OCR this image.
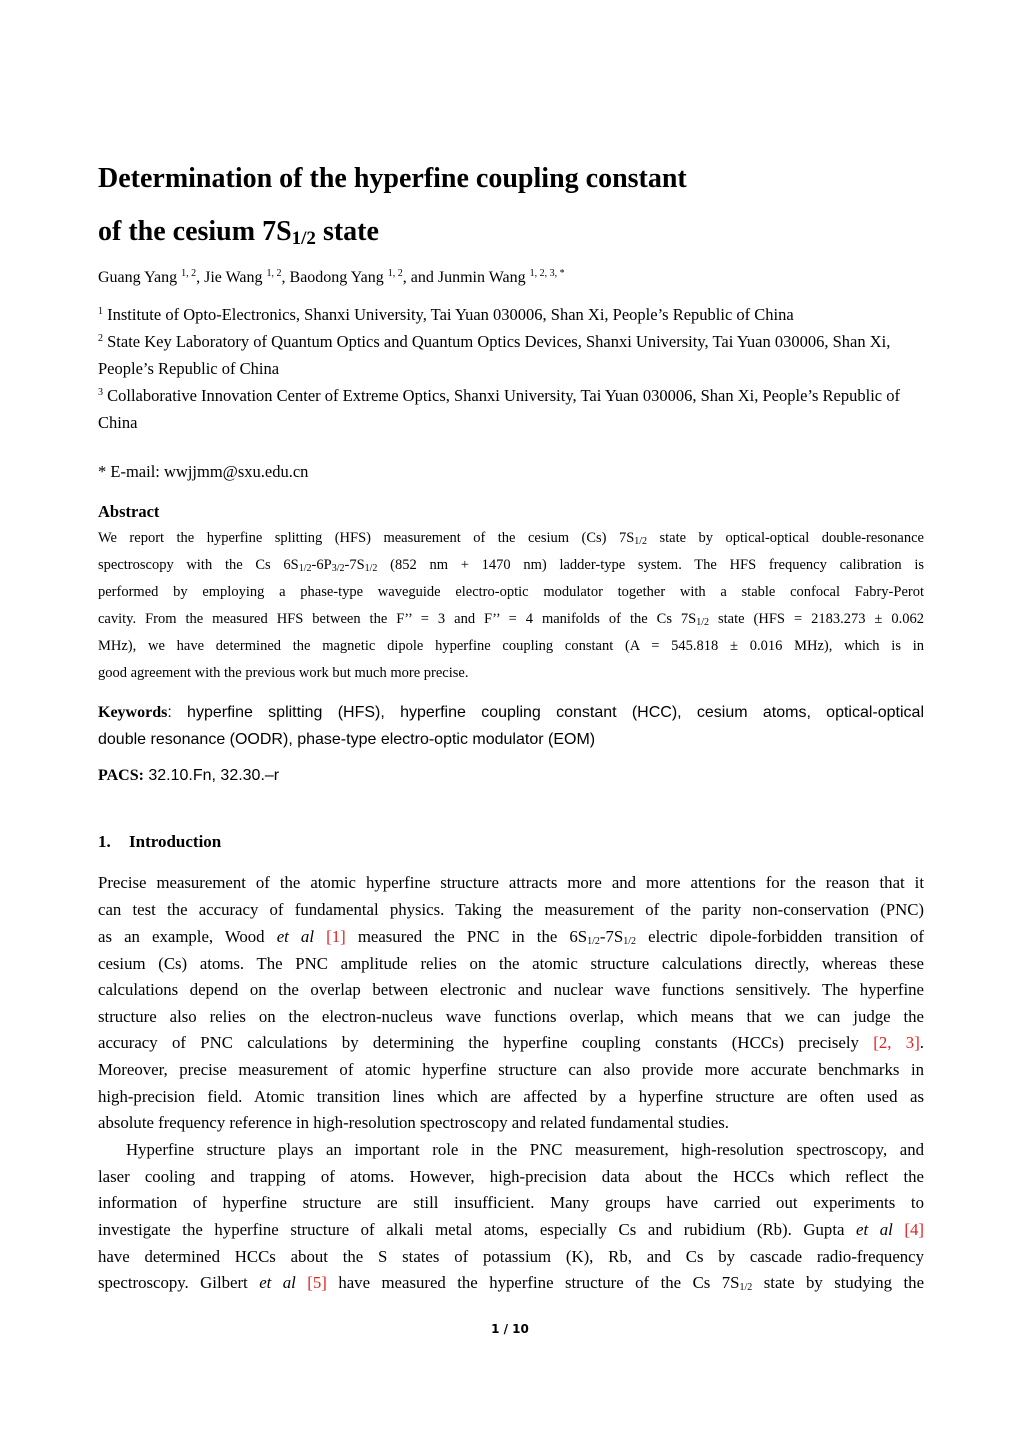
Determination of the hyperfine coupling constant
of the cesium $7S_{1/2}$ state
Guang Yang $^{1, 2}$, Jie Wang $^{1, 2}$, Baodong Yang $^{1, 2}$, and Junmin Wang $^{1, 2, 3, *}$
$^1$ Institute of Opto-Electronics, Shanxi University, Tai Yuan 030006, Shan Xi, People’s Republic of China
$^2$ State Key Laboratory of Quantum Optics and Quantum Optics Devices, Shanxi University, Tai Yuan 030006, Shan Xi, People’s Republic of China
$^3$ Collaborative Innovation Center of Extreme Optics, Shanxi University, Tai Yuan 030006, Shan Xi, People’s Republic of China
* E-mail: wwjjmm@sxu.edu.cn
Abstract
We report the hyperfine splitting (HFS) measurement of the cesium (Cs) $7S_{1/2}$ state by optical-optical double-resonance
spectroscopy with the Cs $6S_{1/2}-6P_{3/2}-7S_{1/2}$ (852 nm + 1470 nm) ladder-type system. The HFS frequency calibration is
performed by employing a phase-type waveguide electro-optic modulator together with a stable confocal Fabry-Perot
cavity. From the measured HFS between the F’’ = 3 and F’’ = 4 manifolds of the Cs $7S_{1/2}$ state (HFS = 2183.273 ± 0.062
MHz), we have determined the magnetic dipole hyperfine coupling constant (A = 545.818 ± 0.016 MHz), which is in
good agreement with the previous work but much more precise.
Keywords: hyperfine splitting (HFS), hyperfine coupling constant (HCC), cesium atoms, optical-optical
double resonance (OODR), phase-type electro-optic modulator (EOM)
PACS: 32.10.Fn, 32.30.–r
1. Introduction
Precise measurement of the atomic hyperfine structure attracts more and more attentions for the reason that it
can test the accuracy of fundamental physics. Taking the measurement of the parity non-conservation (PNC)
as an example, Wood et al [1] measured the PNC in the $6S_{1/2}-7S_{1/2}$ electric dipole-forbidden transition of
cesium (Cs) atoms. The PNC amplitude relies on the atomic structure calculations directly, whereas these
calculations depend on the overlap between electronic and nuclear wave functions sensitively. The hyperfine
structure also relies on the electron-nucleus wave functions overlap, which means that we can judge the
accuracy of PNC calculations by determining the hyperfine coupling constants (HCCs) precisely [2, 3].
Moreover, precise measurement of atomic hyperfine structure can also provide more accurate benchmarks in
high-precision field. Atomic transition lines which are affected by a hyperfine structure are often used as
absolute frequency reference in high-resolution spectroscopy and related fundamental studies.
Hyperfine structure plays an important role in the PNC measurement, high-resolution spectroscopy, and
laser cooling and trapping of atoms. However, high-precision data about the HCCs which reflect the
information of hyperfine structure are still insufficient. Many groups have carried out experiments to
investigate the hyperfine structure of alkali metal atoms, especially Cs and rubidium (Rb). Gupta et al [4]
have determined HCCs about the S states of potassium (K), Rb, and Cs by cascade radio-frequency
spectroscopy. Gilbert et al [5] have measured the hyperfine structure of the Cs $7S_{1/2}$ state by studying the
1 / 10
